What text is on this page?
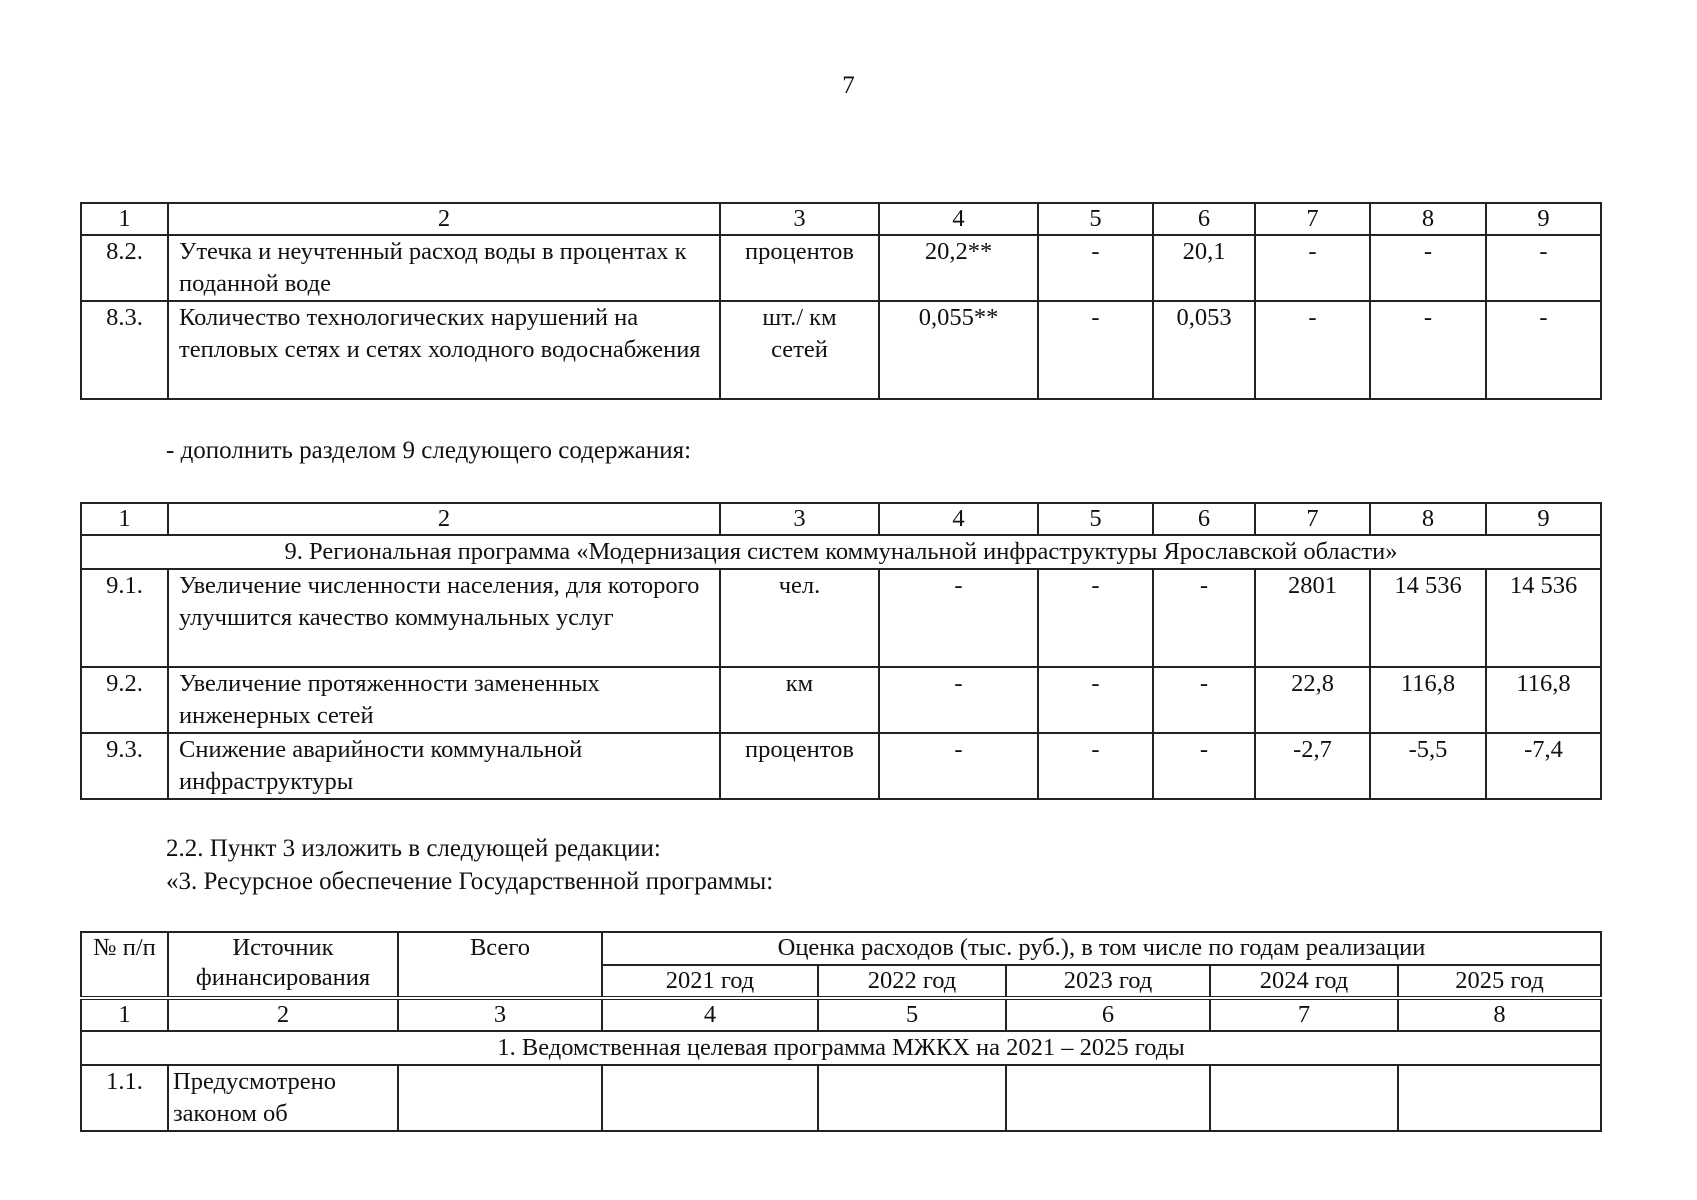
7
1	2	3	4	5	6	7	8	9
8.2.	Утечка и неучтенный расход воды в процентах к поданной воде	процентов	20,2**	-	20,1	-	-	-
8.3.	Количество технологических нарушений на тепловых сетях и сетях холодного водоснабжения	шт./ км сетей	0,055**	-	0,053	-	-	-
- дополнить разделом 9 следующего содержания:
1	2	3	4	5	6	7	8	9
9. Региональная программа «Модернизация систем коммунальной инфраструктуры Ярославской области»								
9.1.	Увеличение численности населения, для которого улучшится качество коммунальных услуг	чел.	-	-	-	2801	14 536	14 536
9.2.	Увеличение протяженности замененных инженерных сетей	км	-	-	-	22,8	116,8	116,8
9.3.	Снижение аварийности коммунальной инфраструктуры	процентов	-	-	-	-2,7	-5,5	-7,4
2.2. Пункт 3 изложить в следующей редакции:
«3. Ресурсное обеспечение Государственной программы:
№ п/п	Источник финансирования	Всего	Оценка расходов (тыс. руб.), в том числе по годам реализации				
			2021 год	2022 год	2023 год	2024 год	2025 год
1	2	3	4	5	6	7	8
1. Ведомственная целевая программа МЖКХ на 2021 – 2025 годы							
1.1.	Предусмотрено законом об						
